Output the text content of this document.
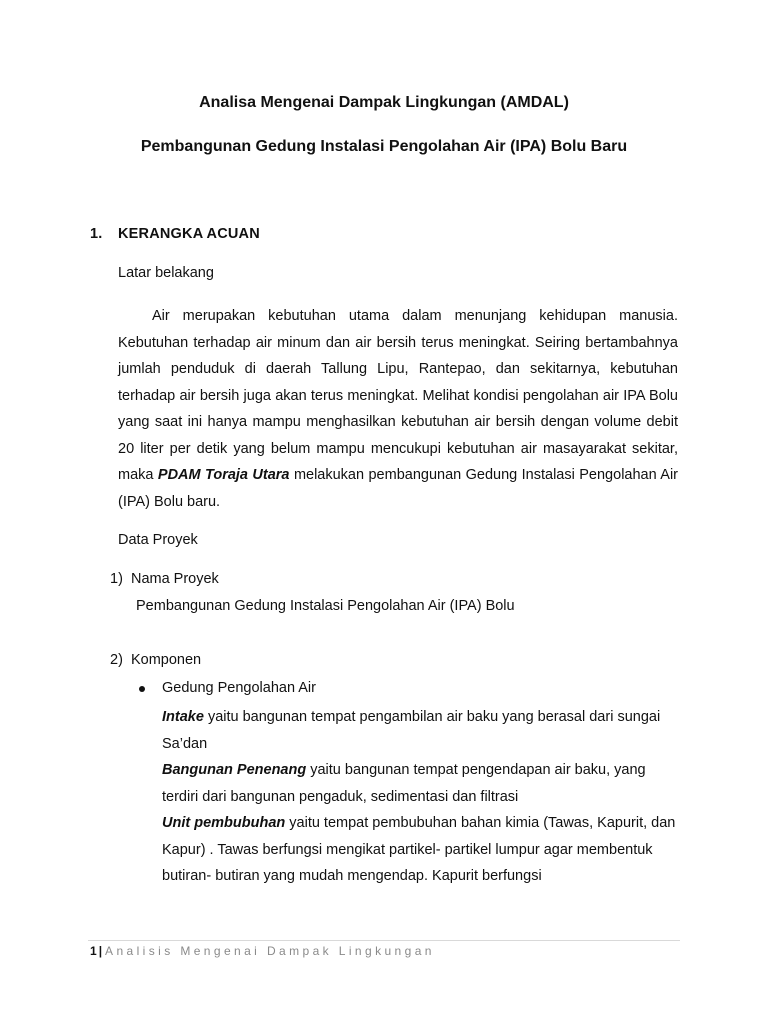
Analisa Mengenai Dampak Lingkungan (AMDAL)
Pembangunan Gedung Instalasi Pengolahan Air (IPA) Bolu Baru
1. KERANGKA ACUAN
Latar belakang
Air merupakan kebutuhan utama dalam menunjang kehidupan manusia. Kebutuhan terhadap air minum dan air bersih terus meningkat. Seiring bertambahnya jumlah penduduk di daerah Tallung Lipu, Rantepao, dan sekitarnya, kebutuhan terhadap air bersih juga akan terus meningkat. Melihat kondisi pengolahan air IPA Bolu yang saat ini hanya mampu menghasilkan kebutuhan air bersih dengan volume debit 20 liter per detik yang belum mampu mencukupi kebutuhan air masayarakat sekitar, maka PDAM Toraja Utara melakukan pembangunan Gedung Instalasi Pengolahan Air (IPA) Bolu baru.
Data Proyek
1) Nama Proyek
Pembangunan Gedung Instalasi Pengolahan Air (IPA) Bolu
2) Komponen
Gedung Pengolahan Air
Intake yaitu bangunan tempat pengambilan air baku yang berasal dari sungai Sa’dan
Bangunan Penenang yaitu bangunan tempat pengendapan air baku, yang terdiri dari bangunan pengaduk, sedimentasi dan filtrasi
Unit pembubuhan yaitu tempat pembubuhan bahan kimia (Tawas, Kapurit, dan Kapur) . Tawas berfungsi mengikat partikel- partikel lumpur agar membentuk butiran- butiran yang mudah mengendap. Kapurit berfungsi
1 | Analisis Mengenai Dampak Lingkungan
